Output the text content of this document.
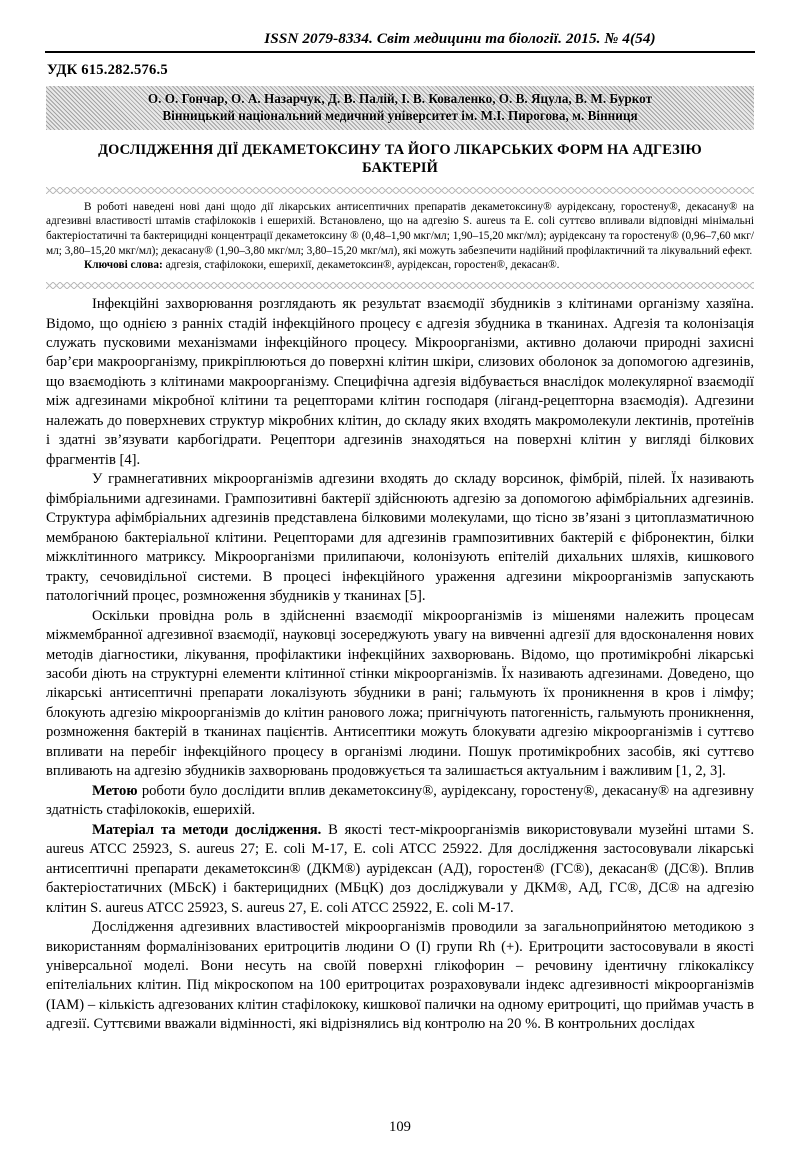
ISSN 2079-8334. Світ медицини та біології. 2015. № 4(54)
УДК 615.282.576.5
О. О. Гончар, О. А. Назарчук, Д. В. Палій, І. В. Коваленко, О. В. Яцула, В. М. Буркот
Вінницький національний медичний університет ім. М.І. Пирогова, м. Вінниця
ДОСЛІДЖЕННЯ ДІЇ ДЕКАМЕТОКСИНУ ТА ЙОГО ЛІКАРСЬКИХ ФОРМ НА АДГЕЗІЮ БАКТЕРІЙ
В роботі наведені нові дані щодо дії лікарських антисептичних препаратів декаметоксину® аурідексану, горостену®, декасану® на адгезивні властивості штамів стафілококів і ешерихій. Встановлено, що на адгезію S. aureus та E. coli суттєво впливали відповідні мінімальні бактеріостатичні та бактерицидні концентрації декаметоксину ® (0,48–1,90 мкг/мл; 1,90–15,20 мкг/мл); аурідексану та горостену® (0,96–7,60 мкг/мл; 3,80–15,20 мкг/мл); декасану® (1,90–3,80 мкг/мл; 3,80–15,20 мкг/мл), які можуть забезпечити надійний профілактичний та лікувальний ефект.
Ключові слова: адгезія, стафілококи, ешерихії, декаметоксин®, аурідексан, горостен®, декасан®.

Інфекційні захворювання розглядають як результат взаємодії збудників з клітинами організму хазяїна. Відомо, що однією з ранніх стадій інфекційного процесу є адгезія збудника в тканинах. Адгезія та колонізація служать пусковими механізмами інфекційного процесу. Мікроорганізми, активно долаючи природні захисні бар’єри макроорганізму, прикріплюються до поверхні клітин шкіри, слизових оболонок за допомогою адгезинів, що взаємодіють з клітинами макроорганізму. Специфічна адгезія відбувається внаслідок молекулярної взаємодії між адгезинами мікробної клітини та рецепторами клітин господаря (ліганд-рецепторна взаємодія). Адгезини належать до поверхневих структур мікробних клітин, до складу яких входять макромолекули лектинів, протеїнів і здатні зв’язувати карбогідрати. Рецептори адгезинів знаходяться на поверхні клітин у вигляді білкових фрагментів [4].

У грамнегативних мікроорганізмів адгезини входять до складу ворсинок, фімбрій, пілей. Їх називають фімбріальними адгезинами. Грампозитивні бактерії здійснюють адгезію за допомогою афімбріальних адгезинів. Структура афімбріальних адгезинів представлена білковими молекулами, що тісно зв’язані з цитоплазматичною мембраною бактеріальної клітини. Рецепторами для адгезинів грампозитивних бактерій є фібронектин, білки міжклітинного матриксу. Мікроорганізми прилипаючи, колонізують епітелій дихальних шляхів, кишкового тракту, сечовидільної системи. В процесі інфекційного ураження адгезини мікроорганізмів запускають патологічний процес, розмноження збудників у тканинах [5].

Оскільки провідна роль в здійсненні взаємодії мікроорганізмів із мішенями належить процесам міжмембранної адгезивної взаємодії, науковці зосереджують увагу на вивченні адгезії для вдосконалення нових методів діагностики, лікування, профілактики інфекційних захворювань. Відомо, що протимікробні лікарські засоби діють на структурні елементи клітинної стінки мікроорганізмів. Їх називають адгезинами. Доведено, що лікарські антисептичні препарати локалізують збудники в рані; гальмують їх проникнення в кров і лімфу; блокують адгезію мікроорганізмів до клітин ранового ложа; пригнічують патогенність, гальмують проникнення, розмноження бактерій в тканинах пацієнтів. Антисептики можуть блокувати адгезію мікроорганізмів і суттєво впливати на перебіг інфекційного процесу в організмі людини. Пошук протимікробних засобів, які суттєво впливають на адгезію збудників захворювань продовжується та залишається актуальним і важливим [1, 2, 3].

Метою роботи було дослідити вплив декаметоксину®, аурідексану, горостену®, декасану® на адгезивну здатність стафілококів, ешерихій.

Матеріал та методи дослідження. В якості тест-мікроорганізмів використовували музейні штами S. aureus ATCC 25923, S. aureus 27; E. coli M-17, E. coli ATCC 25922. Для дослідження застосовували лікарські антисептичні препарати декаметоксин® (ДКМ®) аурідексан (АД), горостен® (ГС®), декасан® (ДС®). Вплив бактеріостатичних (МБсК) і бактерицидних (МБцК) доз досліджували у ДКМ®, АД, ГС®, ДС® на адгезію клітин S. aureus ATCC 25923, S. aureus 27, E. coli ATCC 25922, E. coli M-17.

Дослідження адгезивних властивостей мікроорганізмів проводили за загальноприйнятою методикою з використанням формалінізованих еритроцитів людини О (І) групи Rh (+). Еритроцити застосовували в якості універсальної моделі. Вони несуть на своїй поверхні глікофорин – речовину ідентичну глікокаліксу епітеліальних клітин. Під мікроскопом на 100 еритроцитах розраховували індекс адгезивності мікроорганізмів (ІАМ) – кількість адгезованих клітин стафілококу, кишкової палички на одному еритроциті, що приймав участь в адгезії. Суттєвими вважали відмінності, які відрізнялись від контролю на 20 %. В контрольних дослідах

109
